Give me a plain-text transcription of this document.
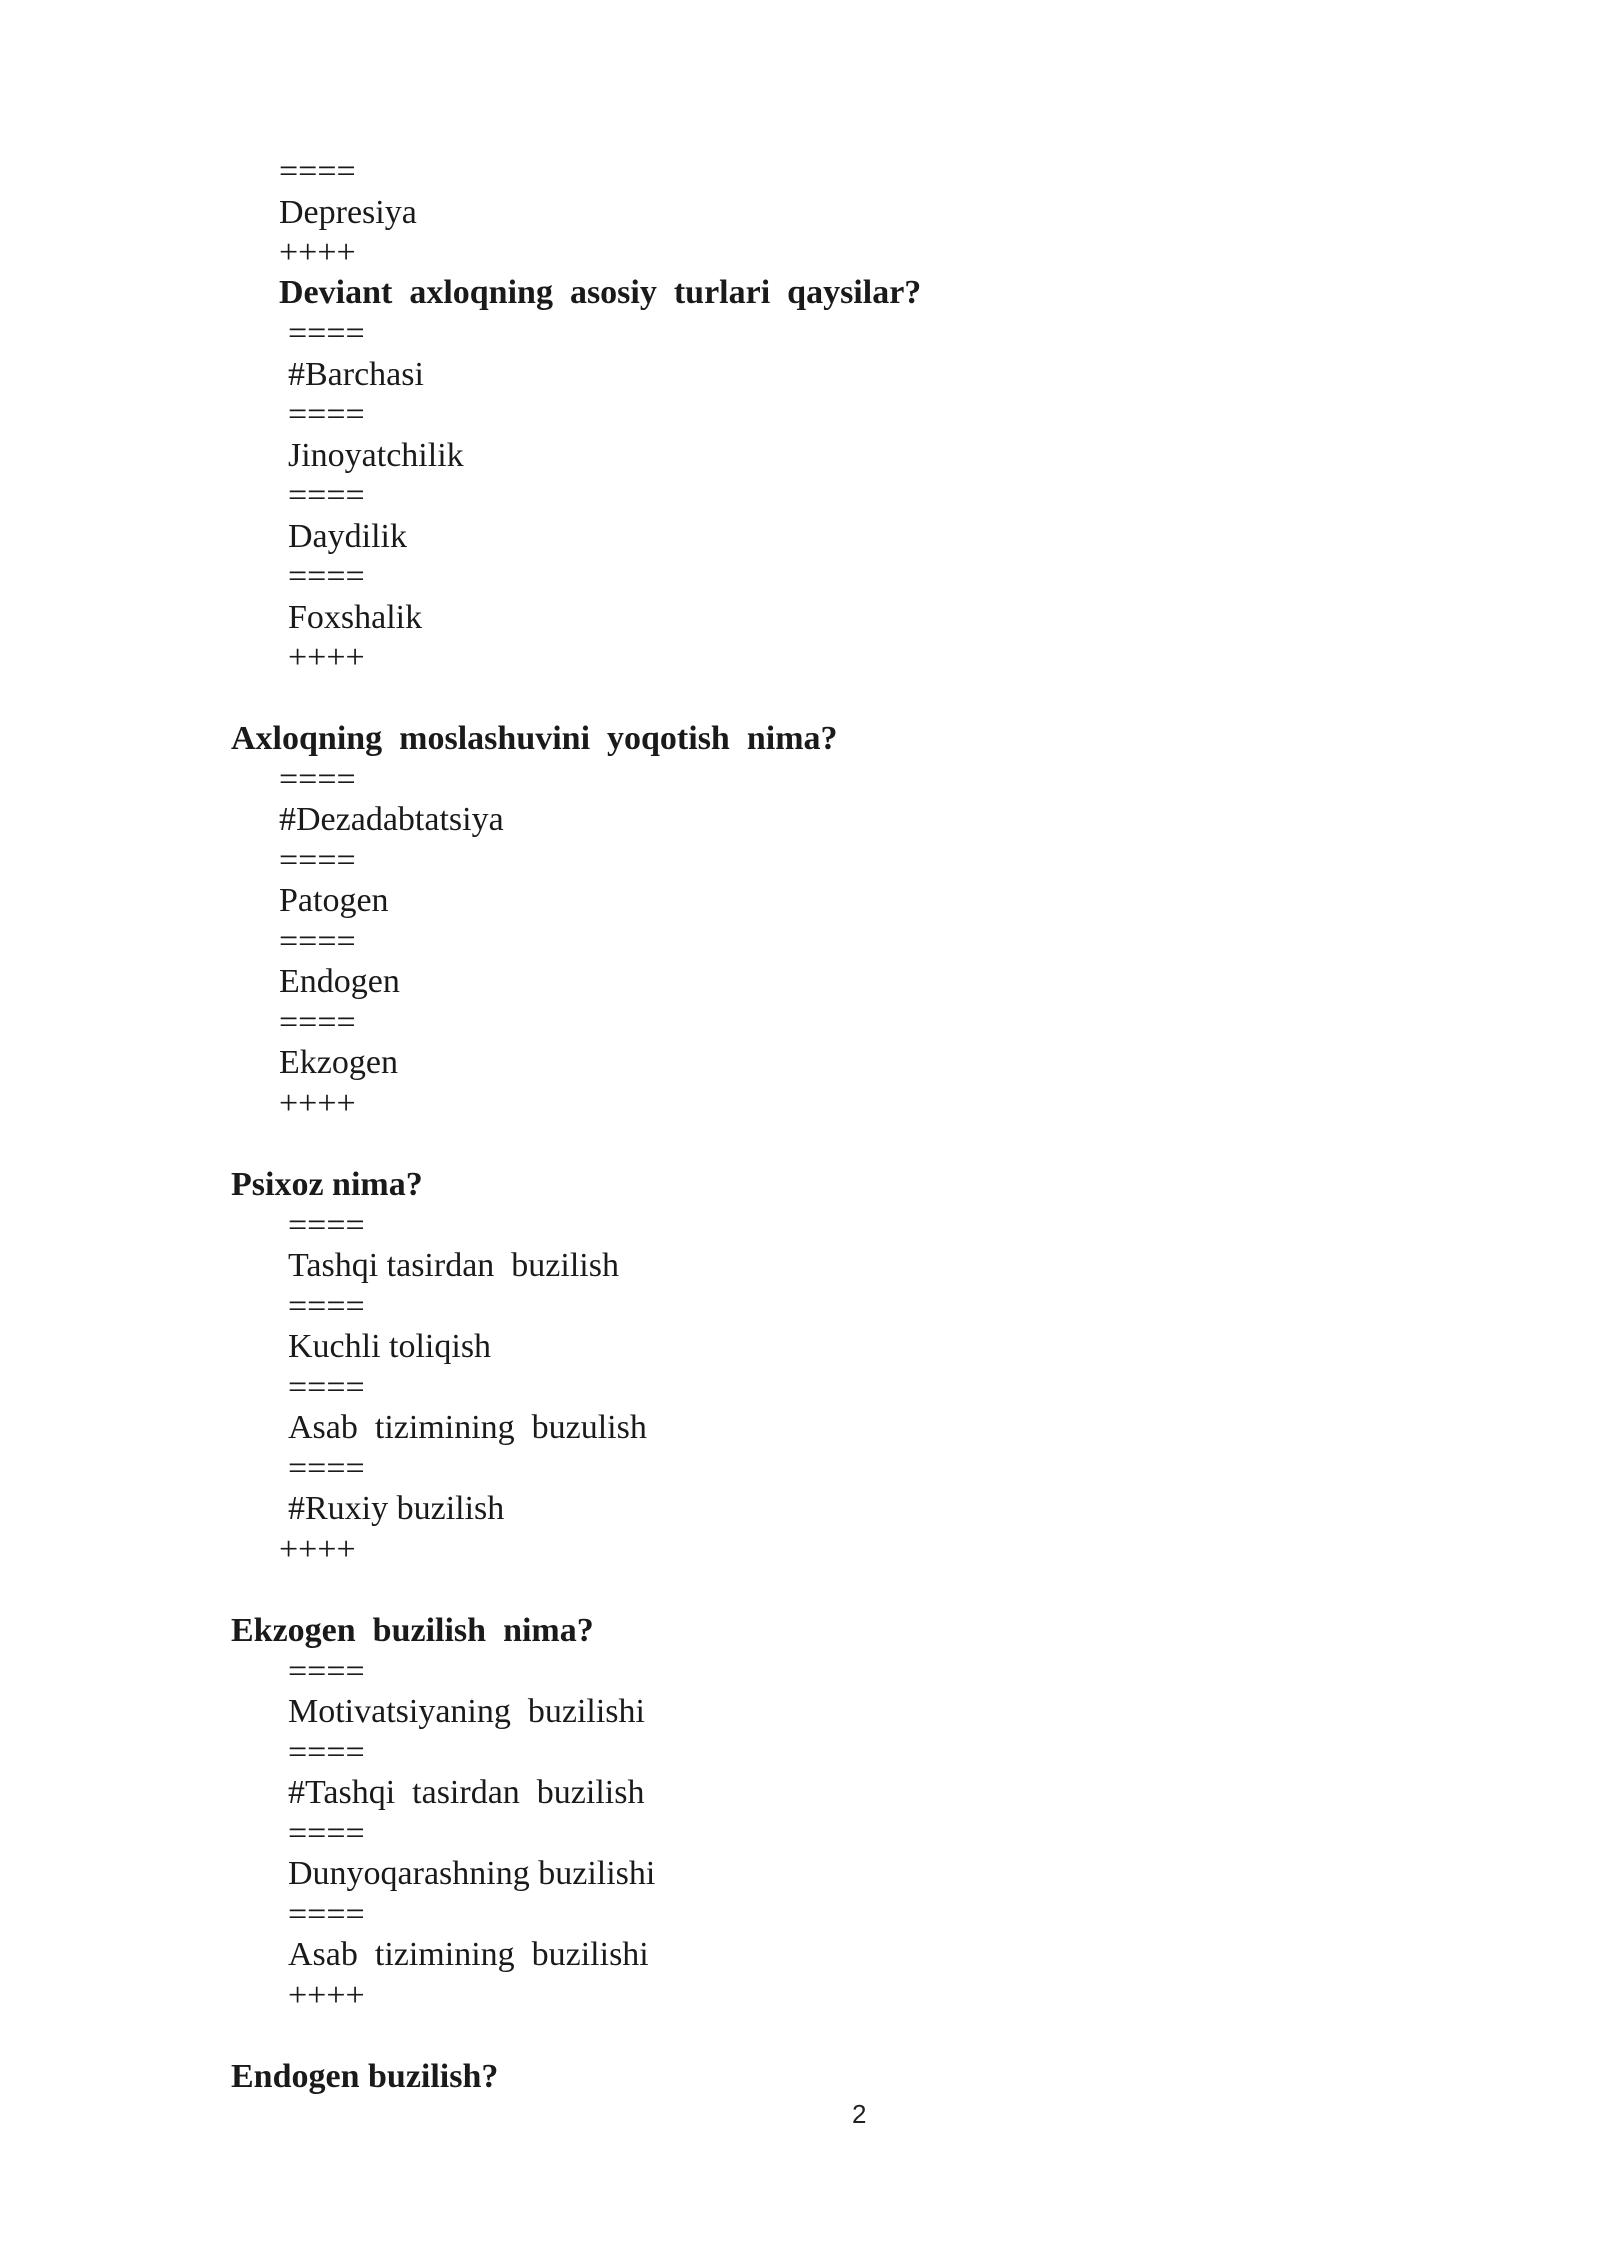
====
Depresiya
++++
Deviant  axloqning  asosiy  turlari  qaysilar?
====
#Barchasi
====
Jinoyatchilik
====
Daydilik
====
Foxshalik
++++
Axloqning  moslashuvini  yoqotish  nima?
====
#Dezadabtatsiya
====
Patogen
====
Endogen
====
Ekzogen
++++
Psixoz nima?
====
Tashqi tasirdan  buzilish
====
Kuchli toliqish
====
Asab  tizimining  buzulish
====
#Ruxiy buzilish
++++
Ekzogen  buzilish  nima?
====
Motivatsiyaning  buzilishi
====
#Tashqi  tasirdan  buzilish
====
Dunyoqarashning buzilishi
====
Asab  tizimining  buzilishi
++++
Endogen buzilish?
2
